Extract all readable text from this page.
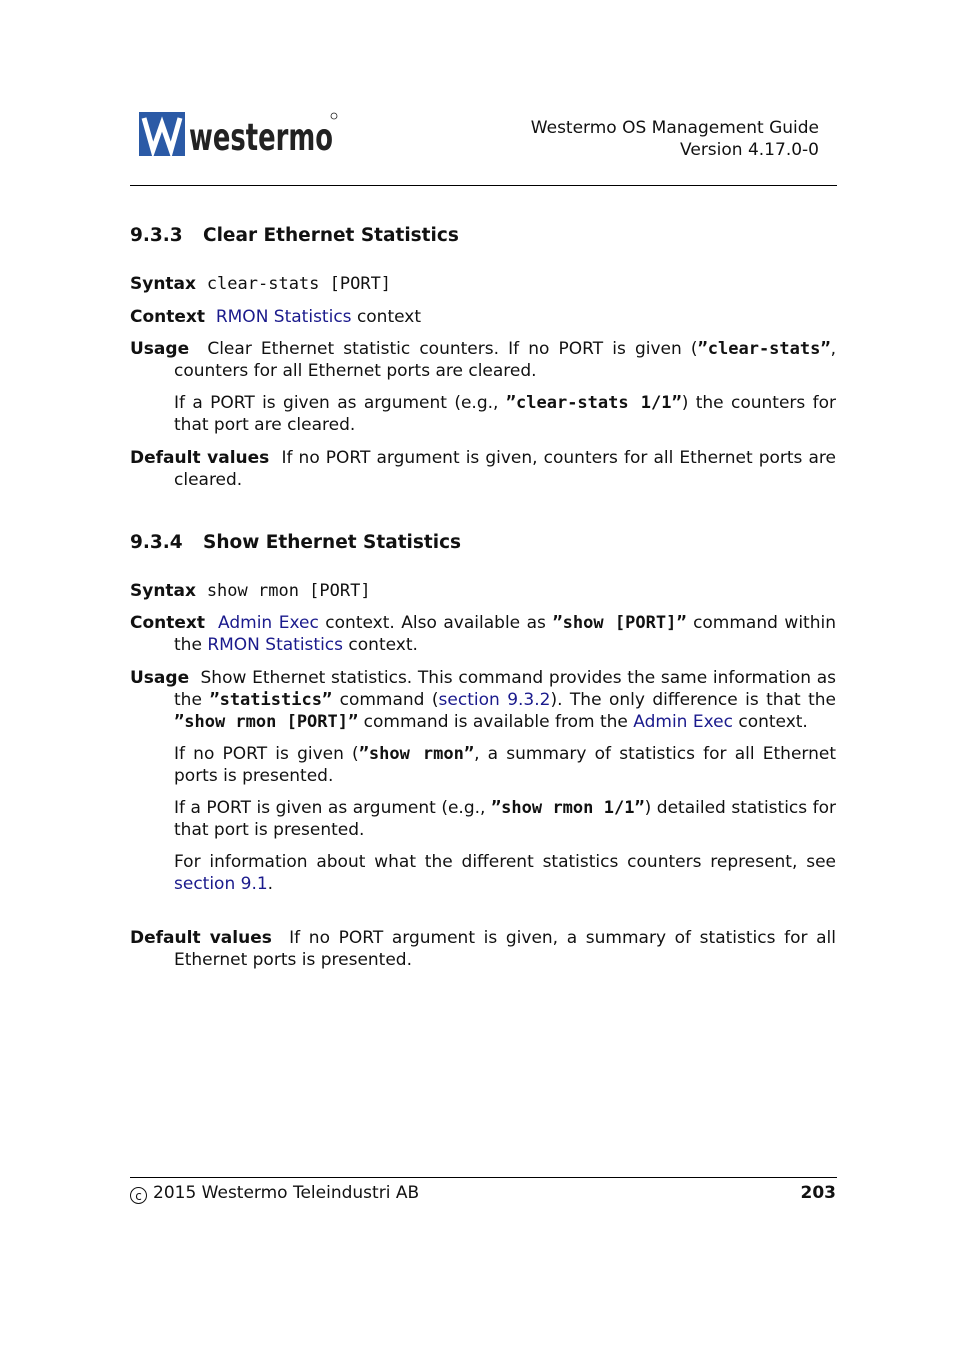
westermo	Westermo OS Management Guide
Version 4.17.0-0
9.3.3 Clear Ethernet Statistics

Syntax clear-stats [PORT]

Context RMON Statistics context

Usage Clear Ethernet statistic counters. If no PORT is given (”clear-stats”, counters for all Ethernet ports are cleared.

If a PORT is given as argument (e.g., ”clear-stats 1/1”) the counters for that port are cleared.

Default values If no PORT argument is given, counters for all Ethernet ports are cleared.

9.3.4 Show Ethernet Statistics

Syntax show rmon [PORT]

Context Admin Exec context. Also available as ”show [PORT]” command within the RMON Statistics context.

Usage Show Ethernet statistics. This command provides the same information as the ”statistics” command (section 9.3.2). The only difference is that the ”show rmon [PORT]” command is available from the Admin Exec context.

If no PORT is given (”show rmon”, a summary of statistics for all Ethernet ports is presented.

If a PORT is given as argument (e.g., ”show rmon 1/1”) detailed statistics for that port is presented.

For information about what the different statistics counters represent, see section 9.1.

Default values If no PORT argument is given, a summary of statistics for all Ethernet ports is presented.

c 2015 Westermo Teleindustri AB	203
